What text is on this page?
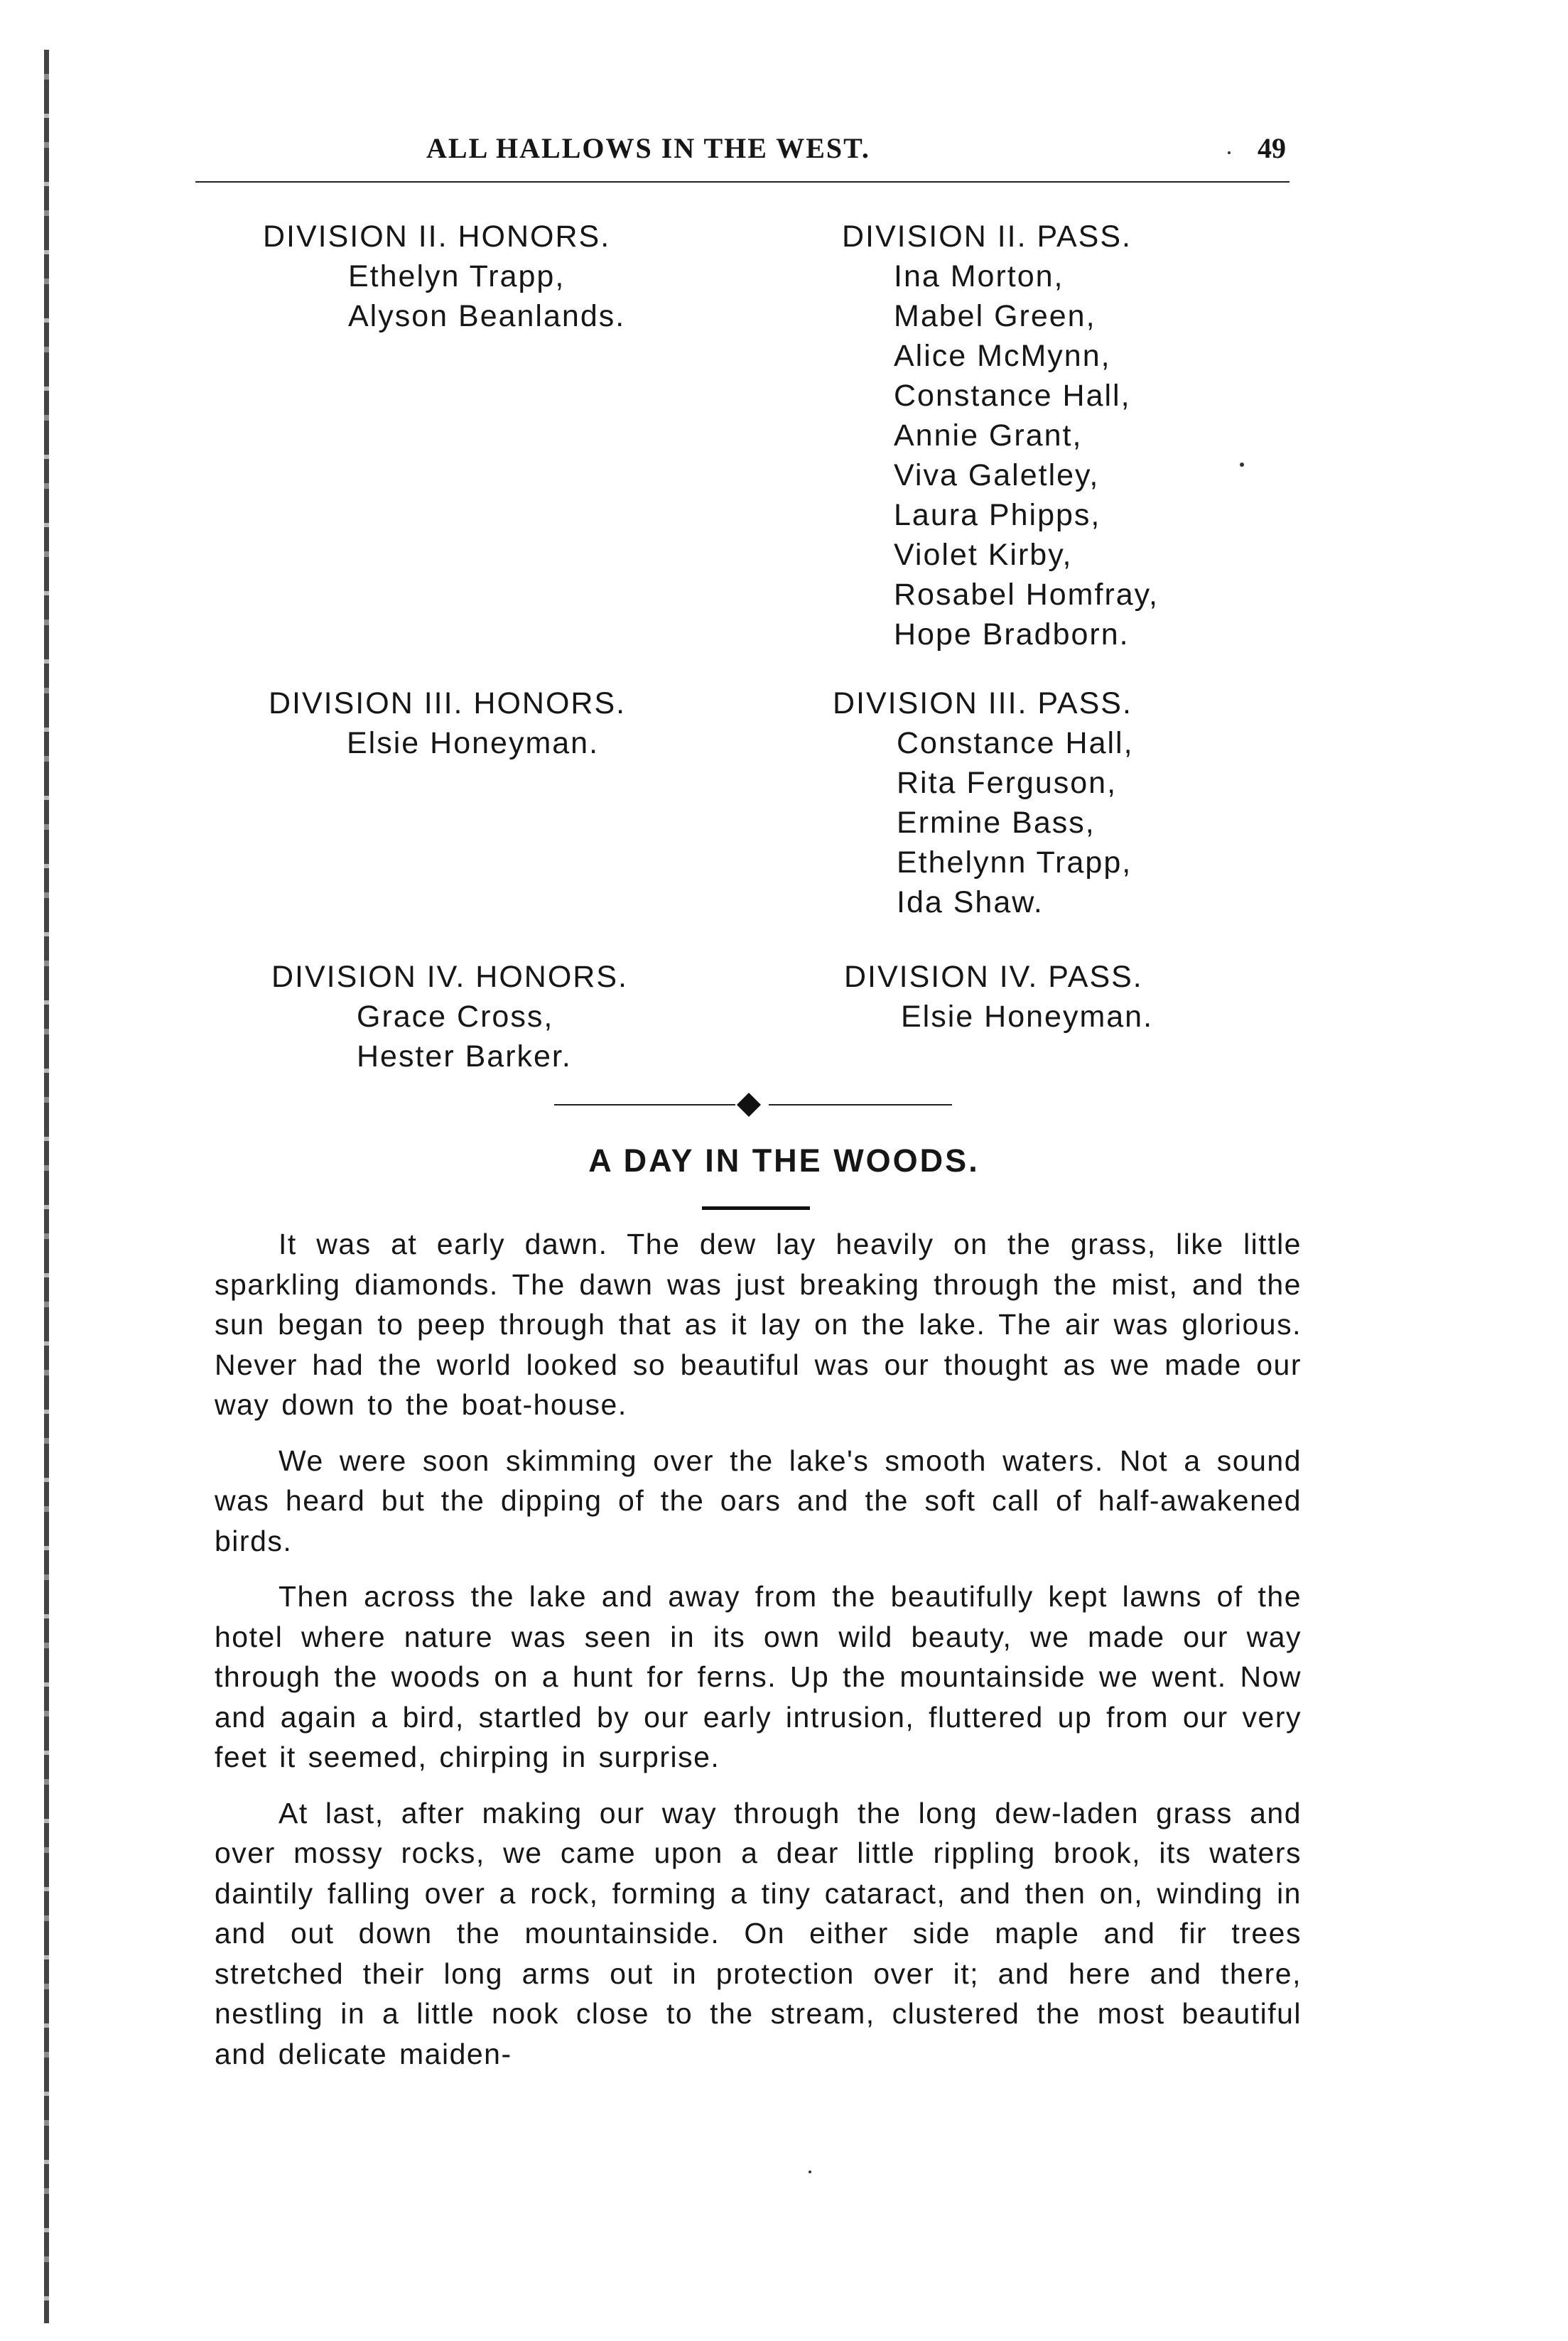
ALL HALLOWS IN THE WEST.	49
DIVISION II. HONORS.
Ethelyn Trapp,
Alyson Beanlands.
DIVISION II. PASS.
Ina Morton,
Mabel Green,
Alice McMynn,
Constance Hall,
Annie Grant,
Viva Galetley,
Laura Phipps,
Violet Kirby,
Rosabel Homfray,
Hope Bradborn.
DIVISION III. HONORS.
Elsie Honeyman.
DIVISION III. PASS.
Constance Hall,
Rita Ferguson,
Ermine Bass,
Ethelynn Trapp,
Ida Shaw.
DIVISION IV. HONORS.
Grace Cross,
Hester Barker.
DIVISION IV. PASS.
Elsie Honeyman.
A DAY IN THE WOODS.

It was at early dawn. The dew lay heavily on the grass, like little sparkling diamonds. The dawn was just breaking through the mist, and the sun began to peep through that as it lay on the lake. The air was glorious. Never had the world looked so beautiful was our thought as we made our way down to the boat-house.

We were soon skimming over the lake's smooth waters. Not a sound was heard but the dipping of the oars and the soft call of half-awakened birds.

Then across the lake and away from the beautifully kept lawns of the hotel where nature was seen in its own wild beauty, we made our way through the woods on a hunt for ferns. Up the mountainside we went. Now and again a bird, startled by our early intrusion, fluttered up from our very feet it seemed, chirping in surprise.

At last, after making our way through the long dew-laden grass and over mossy rocks, we came upon a dear little rippling brook, its waters daintily falling over a rock, forming a tiny cataract, and then on, winding in and out down the mountainside. On either side maple and fir trees stretched their long arms out in protection over it; and here and there, nestling in a little nook close to the stream, clustered the most beautiful and delicate maiden-
